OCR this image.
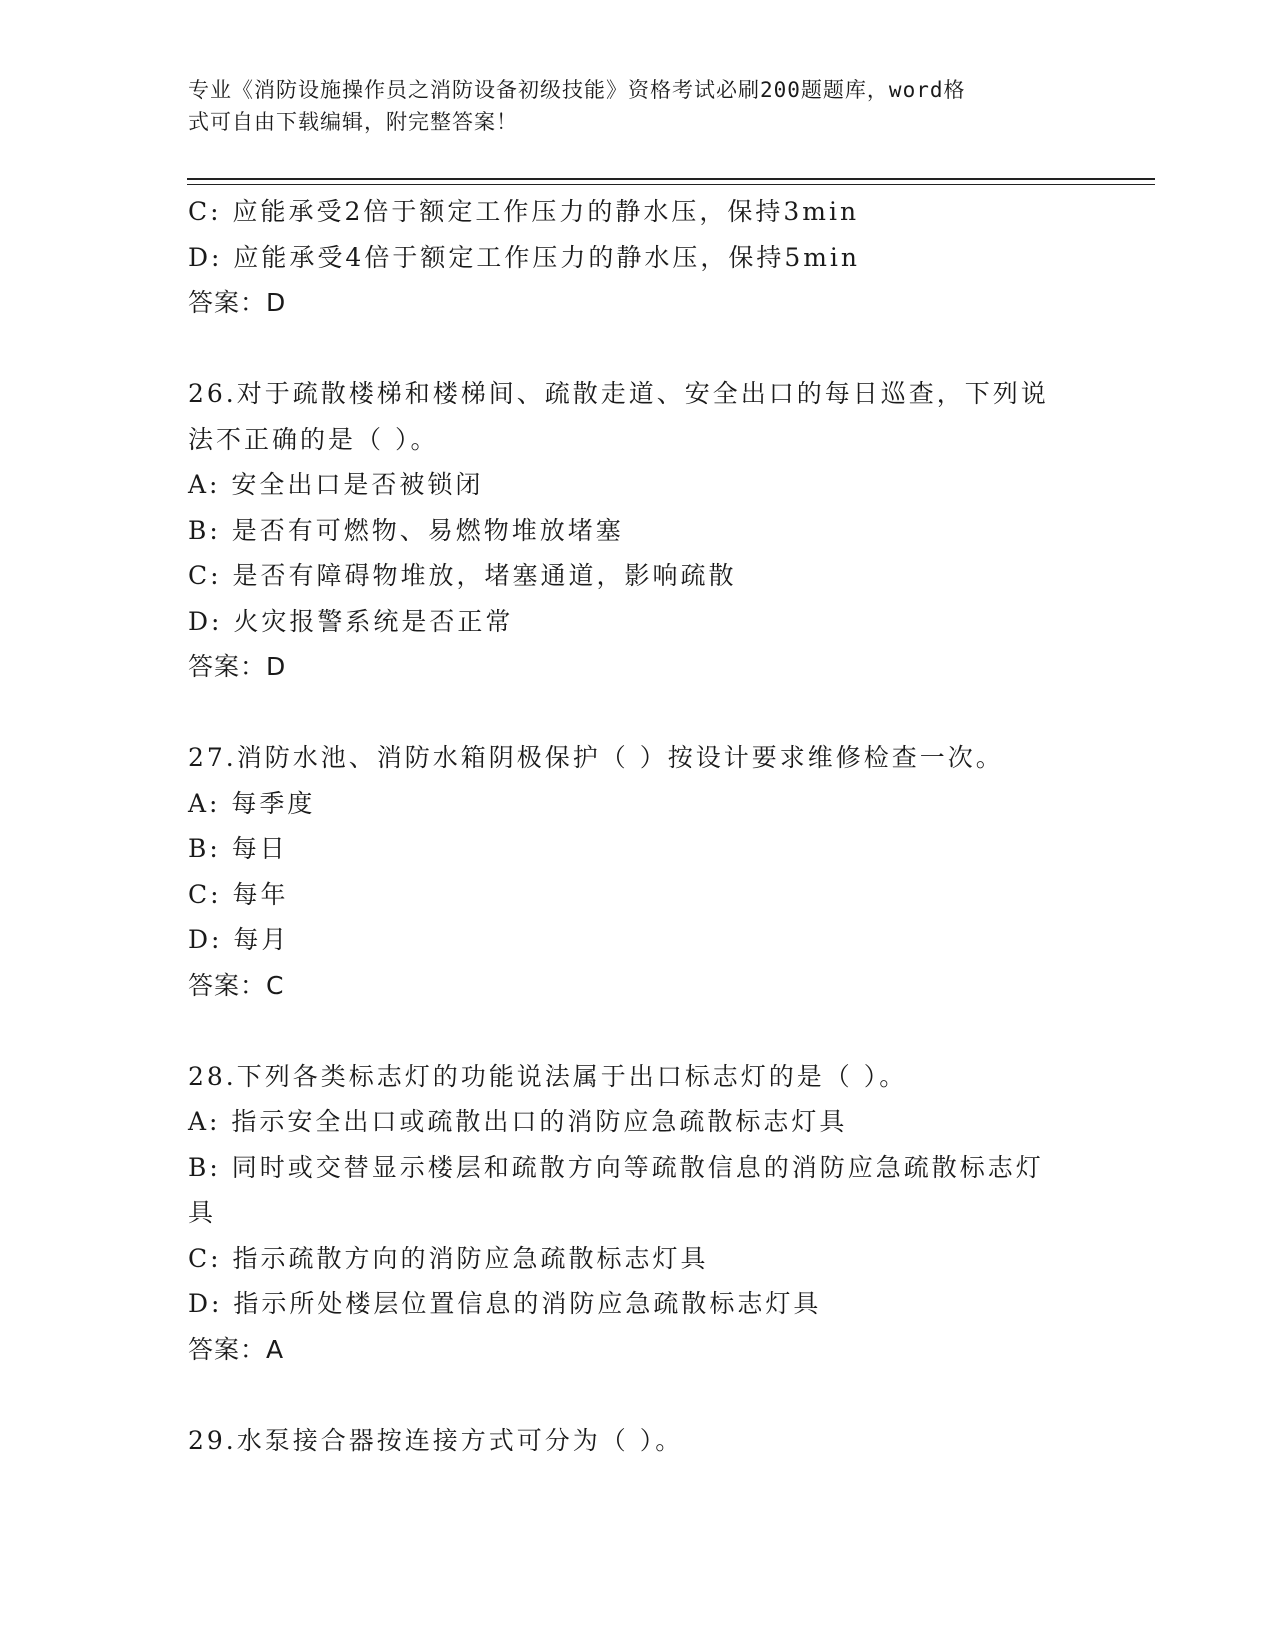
专业《消防设施操作员之消防设备初级技能》资格考试必刷200题题库，word格
式可自由下载编辑，附完整答案！
C: 应能承受2倍于额定工作压力的静水压，保持3min
D: 应能承受4倍于额定工作压力的静水压，保持5min
答案：D
26.对于疏散楼梯和楼梯间、疏散走道、安全出口的每日巡查，下列说
法不正确的是（ ）。
A: 安全出口是否被锁闭
B: 是否有可燃物、易燃物堆放堵塞
C: 是否有障碍物堆放，堵塞通道，影响疏散
D: 火灾报警系统是否正常
答案：D
27.消防水池、消防水箱阴极保护（ ）按设计要求维修检查一次。
A: 每季度
B: 每日
C: 每年
D: 每月
答案：C
28.下列各类标志灯的功能说法属于出口标志灯的是（ ）。
A: 指示安全出口或疏散出口的消防应急疏散标志灯具
B: 同时或交替显示楼层和疏散方向等疏散信息的消防应急疏散标志灯
具
C: 指示疏散方向的消防应急疏散标志灯具
D: 指示所处楼层位置信息的消防应急疏散标志灯具
答案：A
29.水泵接合器按连接方式可分为（ ）。
